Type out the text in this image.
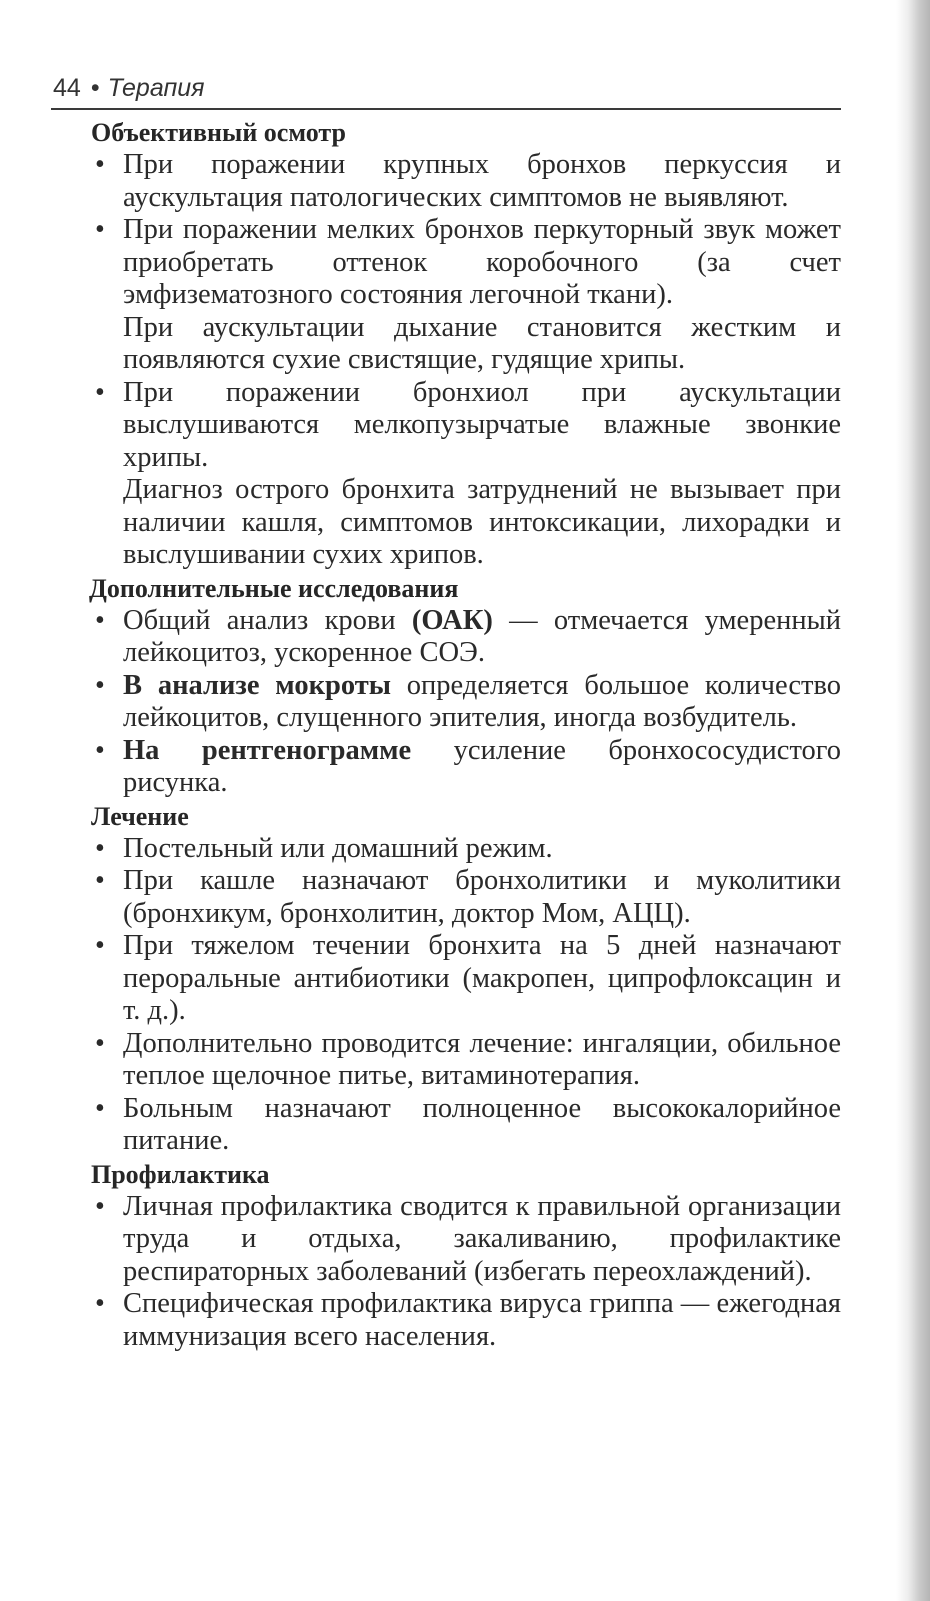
44 • Терапия
Объективный осмотр

• При поражении крупных бронхов перкуссия и аускультация патологических симптомов не выявляют.

• При поражении мелких бронхов перкуторный звук может приобретать оттенок коробочного (за счет эмфизематозного состояния легочной ткани).

При аускультации дыхание становится жестким и появляются сухие свистящие, гудящие хрипы.

• При поражении бронхиол при аускультации выслушиваются мелкопузырчатые влажные звонкие хрипы.

Диагноз острого бронхита затруднений не вызывает при наличии кашля, симптомов интоксикации, лихорадки и выслушивании сухих хрипов.

Дополнительные исследования

• Общий анализ крови (ОАК) — отмечается умеренный лейкоцитоз, ускоренное СОЭ.

• В анализе мокроты определяется большое количество лейкоцитов, слущенного эпителия, иногда возбудитель.

• На рентгенограмме усиление бронхососудистого рисунка.

Лечение

• Постельный или домашний режим.

• При кашле назначают бронхолитики и муколитики (бронхикум, бронхолитин, доктор Мом, АЦЦ).

• При тяжелом течении бронхита на 5 дней назначают пероральные антибиотики (макропен, ципрофлоксацин и т. д.).

• Дополнительно проводится лечение: ингаляции, обильное теплое щелочное питье, витаминотерапия.

• Больным назначают полноценное высококалорийное питание.

Профилактика

• Личная профилактика сводится к правильной организации труда и отдыха, закаливанию, профилактике респираторных заболеваний (избегать переохлаждений).

• Специфическая профилактика вируса гриппа — ежегодная иммунизация всего населения.
